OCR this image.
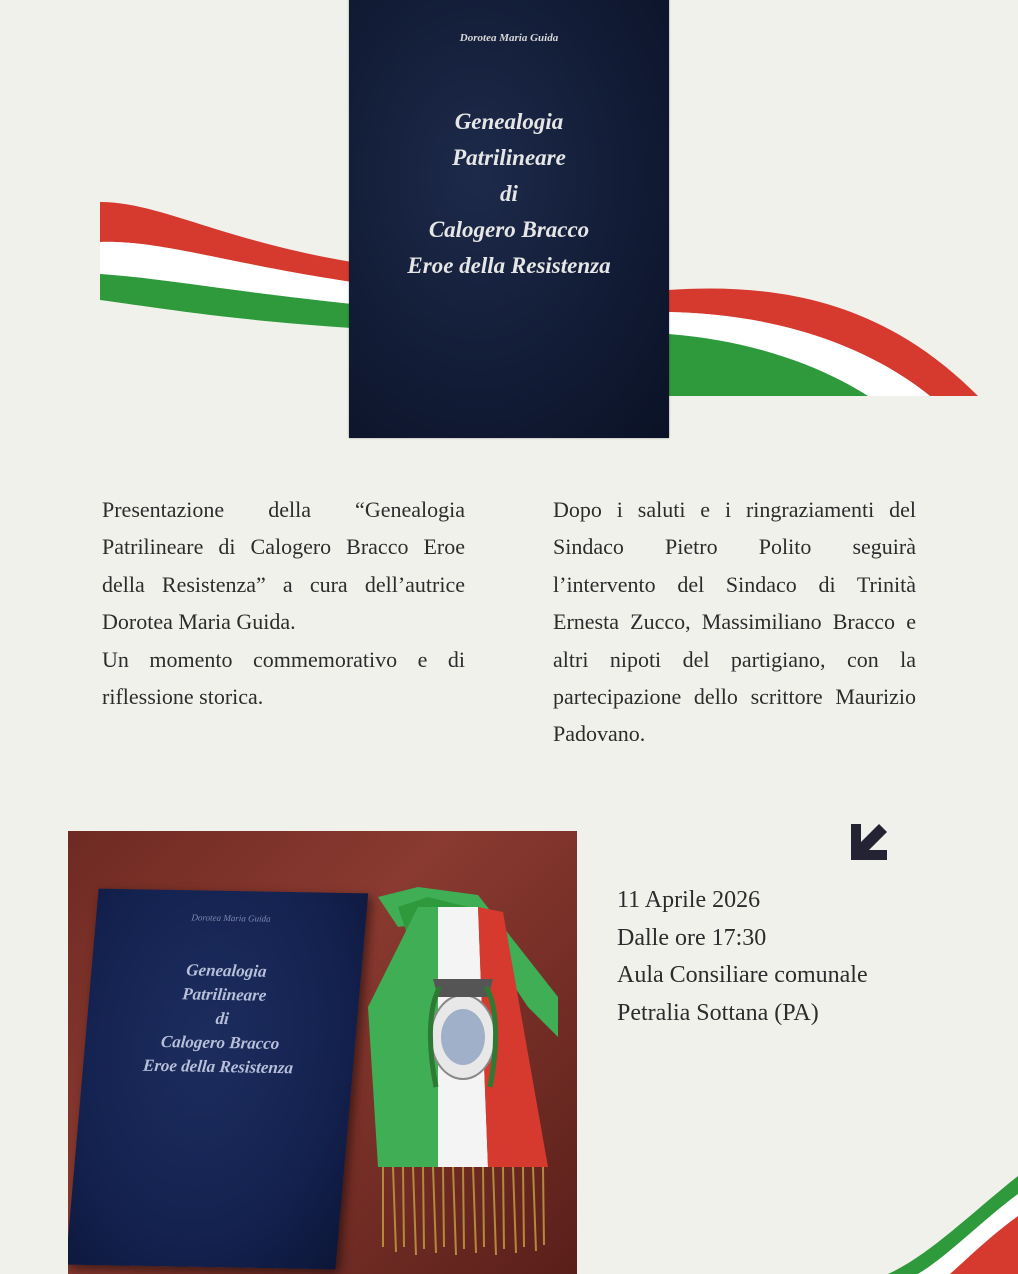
Dorotea Maria Guida
Genealogia
Patrilineare
di
Calogero Bracco
Eroe della Resistenza
Presentazione della “Genealogia Patrilineare di Calogero Bracco Eroe della Resistenza” a cura dell’autrice Dorotea Maria Guida.
Un momento commemorativo e di riflessione storica.
Dopo i saluti e i ringraziamenti del Sindaco Pietro Polito seguirà l’intervento del Sindaco di Trinità Ernesta Zucco, Massimiliano Bracco e altri nipoti del partigiano, con la partecipazione dello scrittore Maurizio Padovano.
Dorotea Maria Guida
Genealogia
Patrilineare
di
Calogero Bracco
Eroe della Resistenza
11 Aprile 2026
Dalle ore 17:30
Aula Consiliare comunale
Petralia Sottana (PA)
